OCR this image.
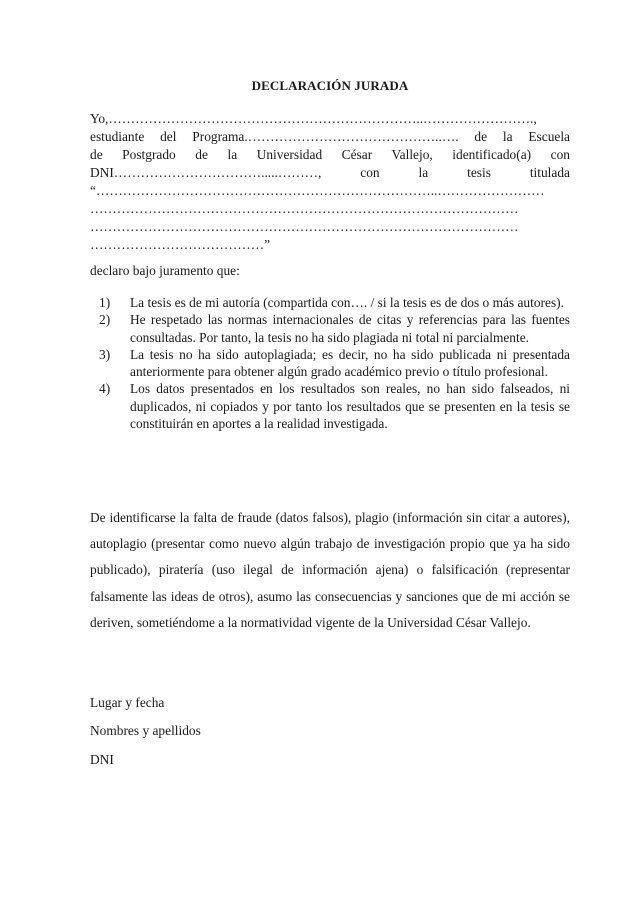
DECLARACIÓN JURADA
Yo,……………………………………………………………..…………………….,
estudiante del Programa.……………………………………..…. de la Escuela
de Postgrado de la Universidad César Vallejo, identificado(a) con
DNI…………………………….....………, con la tesis titulada
“…………………………………………………………………..……………………
……………………………………………………………………………………
……………………………………………………………………………………
…………………………………”
declaro bajo juramento que:
1) La tesis es de mi autoría (compartida con…. / si la tesis es de dos o más autores).
2) He respetado las normas internacionales de citas y referencias para las fuentes consultadas. Por tanto, la tesis no ha sido plagiada ni total ni parcialmente.
3) La tesis no ha sido autoplagiada; es decir, no ha sido publicada ni presentada anteriormente para obtener algún grado académico previo o título profesional.
4) Los datos presentados en los resultados son reales, no han sido falseados, ni duplicados, ni copiados y por tanto los resultados que se presenten en la tesis se constituirán en aportes a la realidad investigada.
De identificarse la falta de fraude (datos falsos), plagio (información sin citar a autores), autoplagio (presentar como nuevo algún trabajo de investigación propio que ya ha sido publicado), piratería (uso ilegal de información ajena) o falsificación (representar falsamente las ideas de otros), asumo las consecuencias y sanciones que de mi acción se deriven, sometiéndome a la normatividad vigente de la Universidad César Vallejo.
Lugar y fecha
Nombres y apellidos
DNI
